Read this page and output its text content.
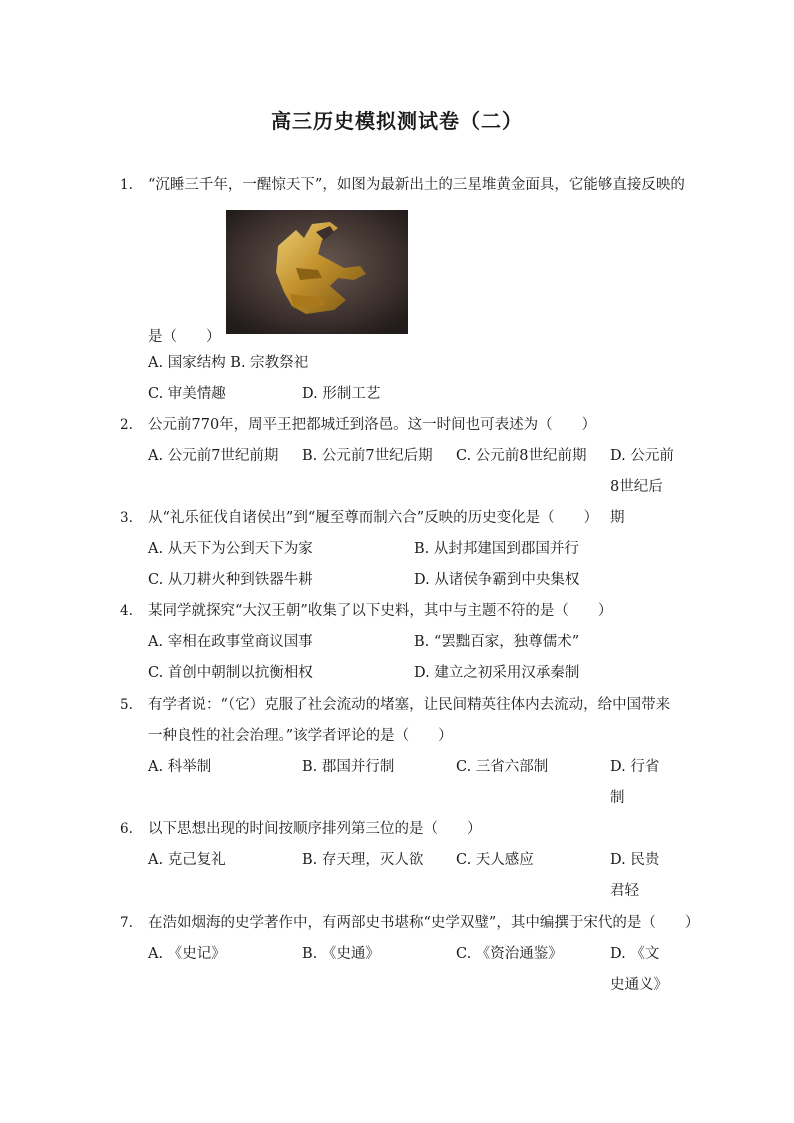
高三历史模拟测试卷（二）
1.	“沉睡三千年，一醒惊天下”，如图为最新出土的三星堆黄金面具，它能够直接反映的
是（　　）
A. 国家结构 B. 宗教祭祀
C. 审美情趣	D. 形制工艺
2.	公元前770年，周平王把都城迁到洛邑。这一时间也可表述为（　　）
A. 公元前7世纪前期	B. 公元前7世纪后期	C. 公元前8世纪前期	D. 公元前8世纪后期
3.	从“礼乐征伐自诸侯出”到“履至尊而制六合”反映的历史变化是（　　）
A. 从天下为公到天下为家	B. 从封邦建国到郡国并行
C. 从刀耕火种到铁器牛耕	D. 从诸侯争霸到中央集权
4.	某同学就探究“大汉王朝”收集了以下史料，其中与主题不符的是（　　）
A. 宰相在政事堂商议国事	B. “罢黜百家，独尊儒术”
C. 首创中朝制以抗衡相权	D. 建立之初采用汉承秦制
5.	有学者说：“（它）克服了社会流动的堵塞，让民间精英往体内去流动，给中国带来一种良性的社会治理。”该学者评论的是（　　）
A. 科举制	B. 郡国并行制	C. 三省六部制	D. 行省制
6.	以下思想出现的时间按顺序排列第三位的是（　　）
A. 克己复礼	B. 存天理，灭人欲	C. 天人感应	D. 民贵君轻
7.	在浩如烟海的史学著作中，有两部史书堪称“史学双璧”，其中编撰于宋代的是（　　）
A. 《史记》	B. 《史通》	C. 《资治通鉴》	D. 《文史通义》
